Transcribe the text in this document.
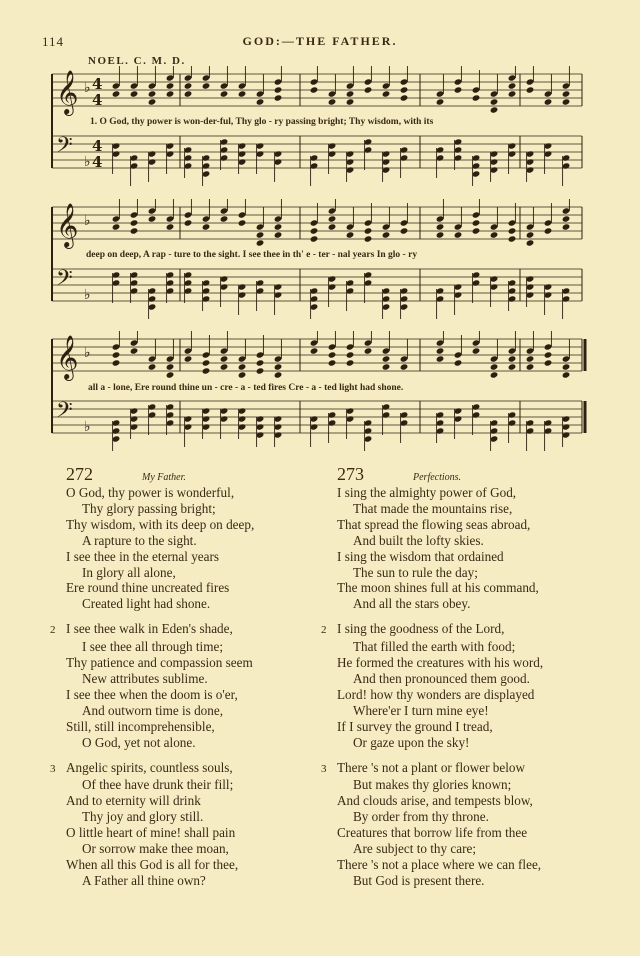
114	GOD:—THE FATHER.
NOEL. C. M. D.
𝄞 ♭ 4
4
𝄢 ♭
4
4
1. O God, thy power is won-der-ful, Thy glo - ry passing bright; Thy wisdom, with its
𝄞 ♭
𝄢 ♭
deep on deep, A rap - ture to the sight. I see thee in th' e - ter - nal years In glo - ry
𝄞 ♭
𝄢 ♭
all a - lone, Ere round thine un - cre - a - ted fires Cre - a - ted light had shone.
272	My Father.
O God, thy power is wonderful,
Thy glory passing bright;
Thy wisdom, with its deep on deep,
A rapture to the sight.
I see thee in the eternal years
In glory all alone,
Ere round thine uncreated fires
Created light had shone.
2 I see thee walk in Eden's shade,
I see thee all through time;
Thy patience and compassion seem
New attributes sublime.
I see thee when the doom is o'er,
And outworn time is done,
Still, still incomprehensible,
O God, yet not alone.
3 Angelic spirits, countless souls,
Of thee have drunk their fill;
And to eternity will drink
Thy joy and glory still.
O little heart of mine! shall pain
Or sorrow make thee moan,
When all this God is all for thee,
A Father all thine own?
273	Perfections.
I sing the almighty power of God,
That made the mountains rise,
That spread the flowing seas abroad,
And built the lofty skies.
I sing the wisdom that ordained
The sun to rule the day;
The moon shines full at his command,
And all the stars obey.
2 I sing the goodness of the Lord,
That filled the earth with food;
He formed the creatures with his word,
And then pronounced them good.
Lord! how thy wonders are displayed
Where'er I turn mine eye!
If I survey the ground I tread,
Or gaze upon the sky!
3 There 's not a plant or flower below
But makes thy glories known;
And clouds arise, and tempests blow,
By order from thy throne.
Creatures that borrow life from thee
Are subject to thy care;
There 's not a place where we can flee,
But God is present there.
